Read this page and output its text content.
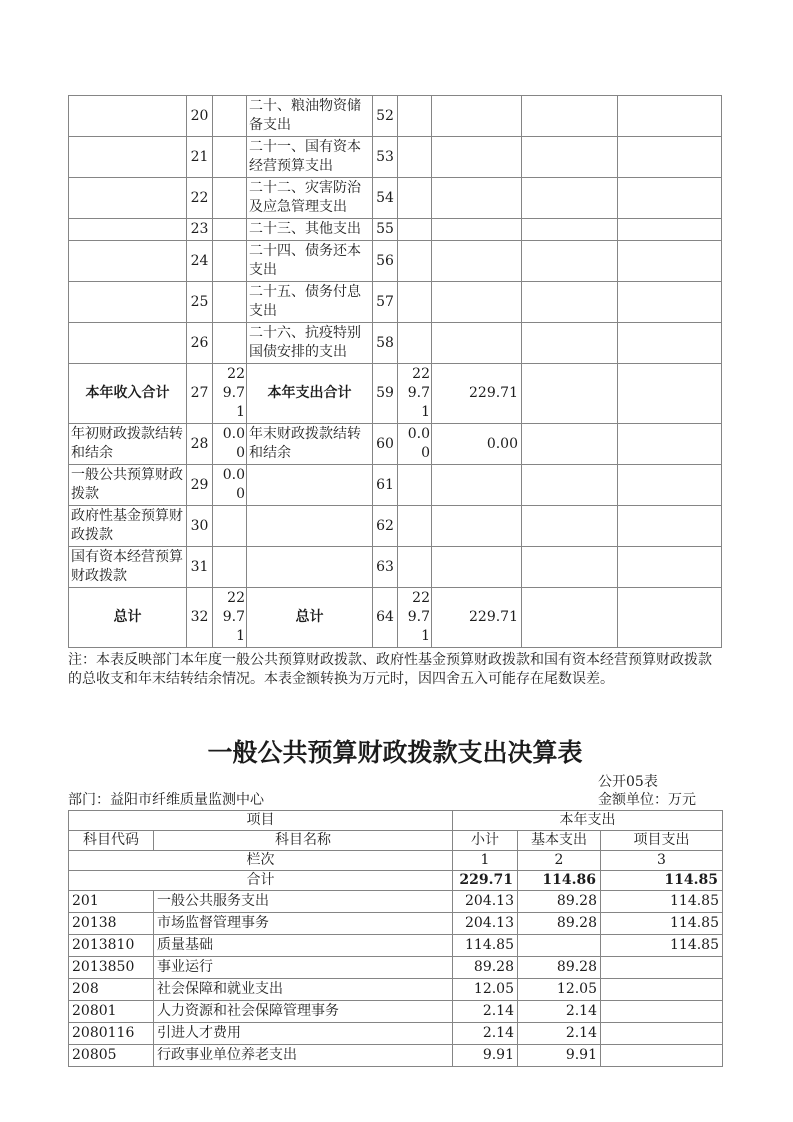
	20		二十、粮油物资储备支出	52				
	21		二十一、国有资本经营预算支出	53				
	22		二十二、灾害防治及应急管理支出	54				
	23		二十三、其他支出	55				
	24		二十四、债务还本支出	56				
	25		二十五、债务付息支出	57				
	26		二十六、抗疫特别国债安排的支出	58				
本年收入合计	27	229.71	本年支出合计	59	229.71	229.71		
年初财政拨款结转和结余	28	0.00	年末财政拨款结转和结余	60	0.00	0.00		
一般公共预算财政拨款	29	0.00		61				
政府性基金预算财政拨款	30			62				
国有资本经营预算财政拨款	31			63				
总计	32	229.71	总计	64	229.71	229.71		

注：本表反映部门本年度一般公共预算财政拨款、政府性基金预算财政拨款和国有资本经营预算财政拨款的总收支和年末结转结余情况。本表金额转换为万元时，因四舍五入可能存在尾数误差。

一般公共预算财政拨款支出决算表
公开05表
部门：益阳市纤维质量监测中心	金额单位：万元
项目		本年支出		
科目代码	科目名称	小计	基本支出	项目支出
栏次		1	2	3
合计		229.71	114.86	114.85
201	一般公共服务支出	204.13	89.28	114.85
20138	市场监督管理事务	204.13	89.28	114.85
2013810	质量基础	114.85		114.85
2013850	事业运行	89.28	89.28	
208	社会保障和就业支出	12.05	12.05	
20801	人力资源和社会保障管理事务	2.14	2.14	
2080116	引进人才费用	2.14	2.14	
20805	行政事业单位养老支出	9.91	9.91	
